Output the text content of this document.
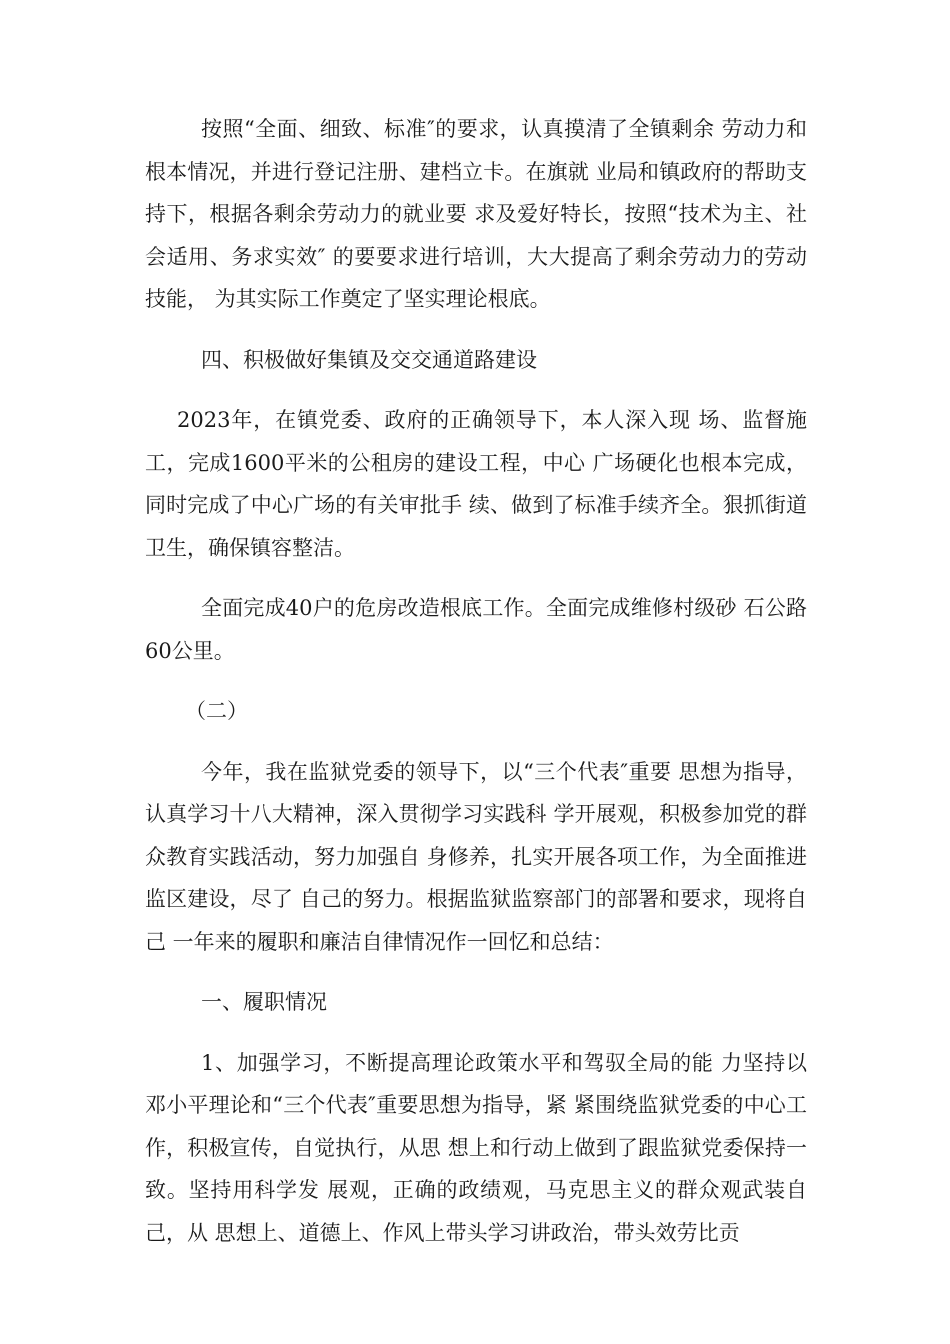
按照“全面、细致、标准″的要求，认真摸清了全镇剩余 劳动力和根本情况，并进行登记注册、建档立卡。在旗就 业局和镇政府的帮助支持下，根据各剩余劳动力的就业要 求及爱好特长，按照“技术为主、社会适用、务求实效″ 的要要求进行培训，大大提高了剩余劳动力的劳动技能， 为其实际工作奠定了坚实理论根底。

四、积极做好集镇及交交通道路建设

2023年，在镇党委、政府的正确领导下，本人深入现 场、监督施工，完成1600平米的公租房的建设工程，中心 广场硬化也根本完成，同时完成了中心广场的有关审批手 续、做到了标准手续齐全。狠抓街道卫生，确保镇容整洁。

全面完成40户的危房改造根底工作。全面完成维修村级砂 石公路60公里。

（二）

今年，我在监狱党委的领导下，以“三个代表″重要 思想为指导，认真学习十八大精神，深入贯彻学习实践科 学开展观，积极参加党的群众教育实践活动，努力加强自 身修养，扎实开展各项工作，为全面推进监区建设，尽了 自己的努力。根据监狱监察部门的部署和要求，现将自己 一年来的履职和廉洁自律情况作一回忆和总结：

一、履职情况

1、加强学习，不断提高理论政策水平和驾驭全局的能 力坚持以邓小平理论和“三个代表″重要思想为指导，紧 紧围绕监狱党委的中心工作，积极宣传，自觉执行，从思 想上和行动上做到了跟监狱党委保持一致。坚持用科学发 展观，正确的政绩观，马克思主义的群众观武装自己，从 思想上、道德上、作风上带头学习讲政治，带头效劳比贡
